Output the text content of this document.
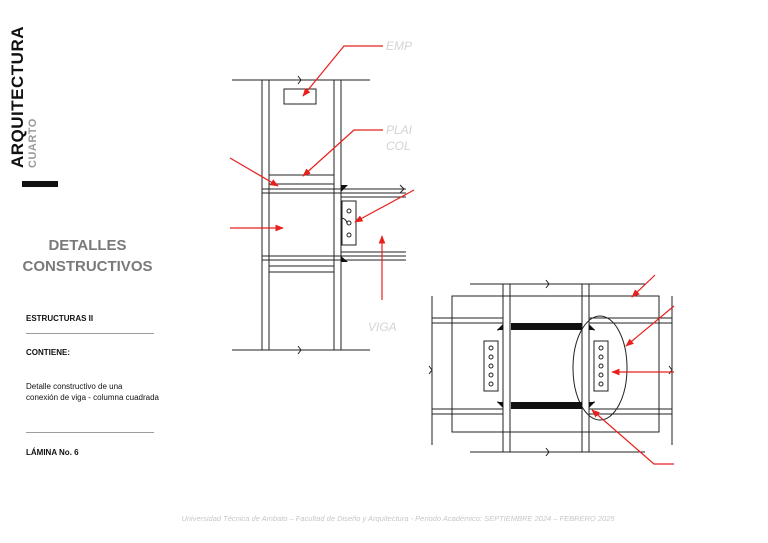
ARQUITECTURA CUARTO
DETALLES
CONSTRUCTIVOS
ESTRUCTURAS II
CONTIENE:
Detalle constructivo de una
conexión de viga - columna cuadrada
LÁMINA No. 6
EMP
PLAI
COL
VIGA
Universidad Técnica de Ambato – Facultad de Diseño y Arquitectura - Periodo Académico: SEPTIEMBRE 2024 – FEBRERO 2025
